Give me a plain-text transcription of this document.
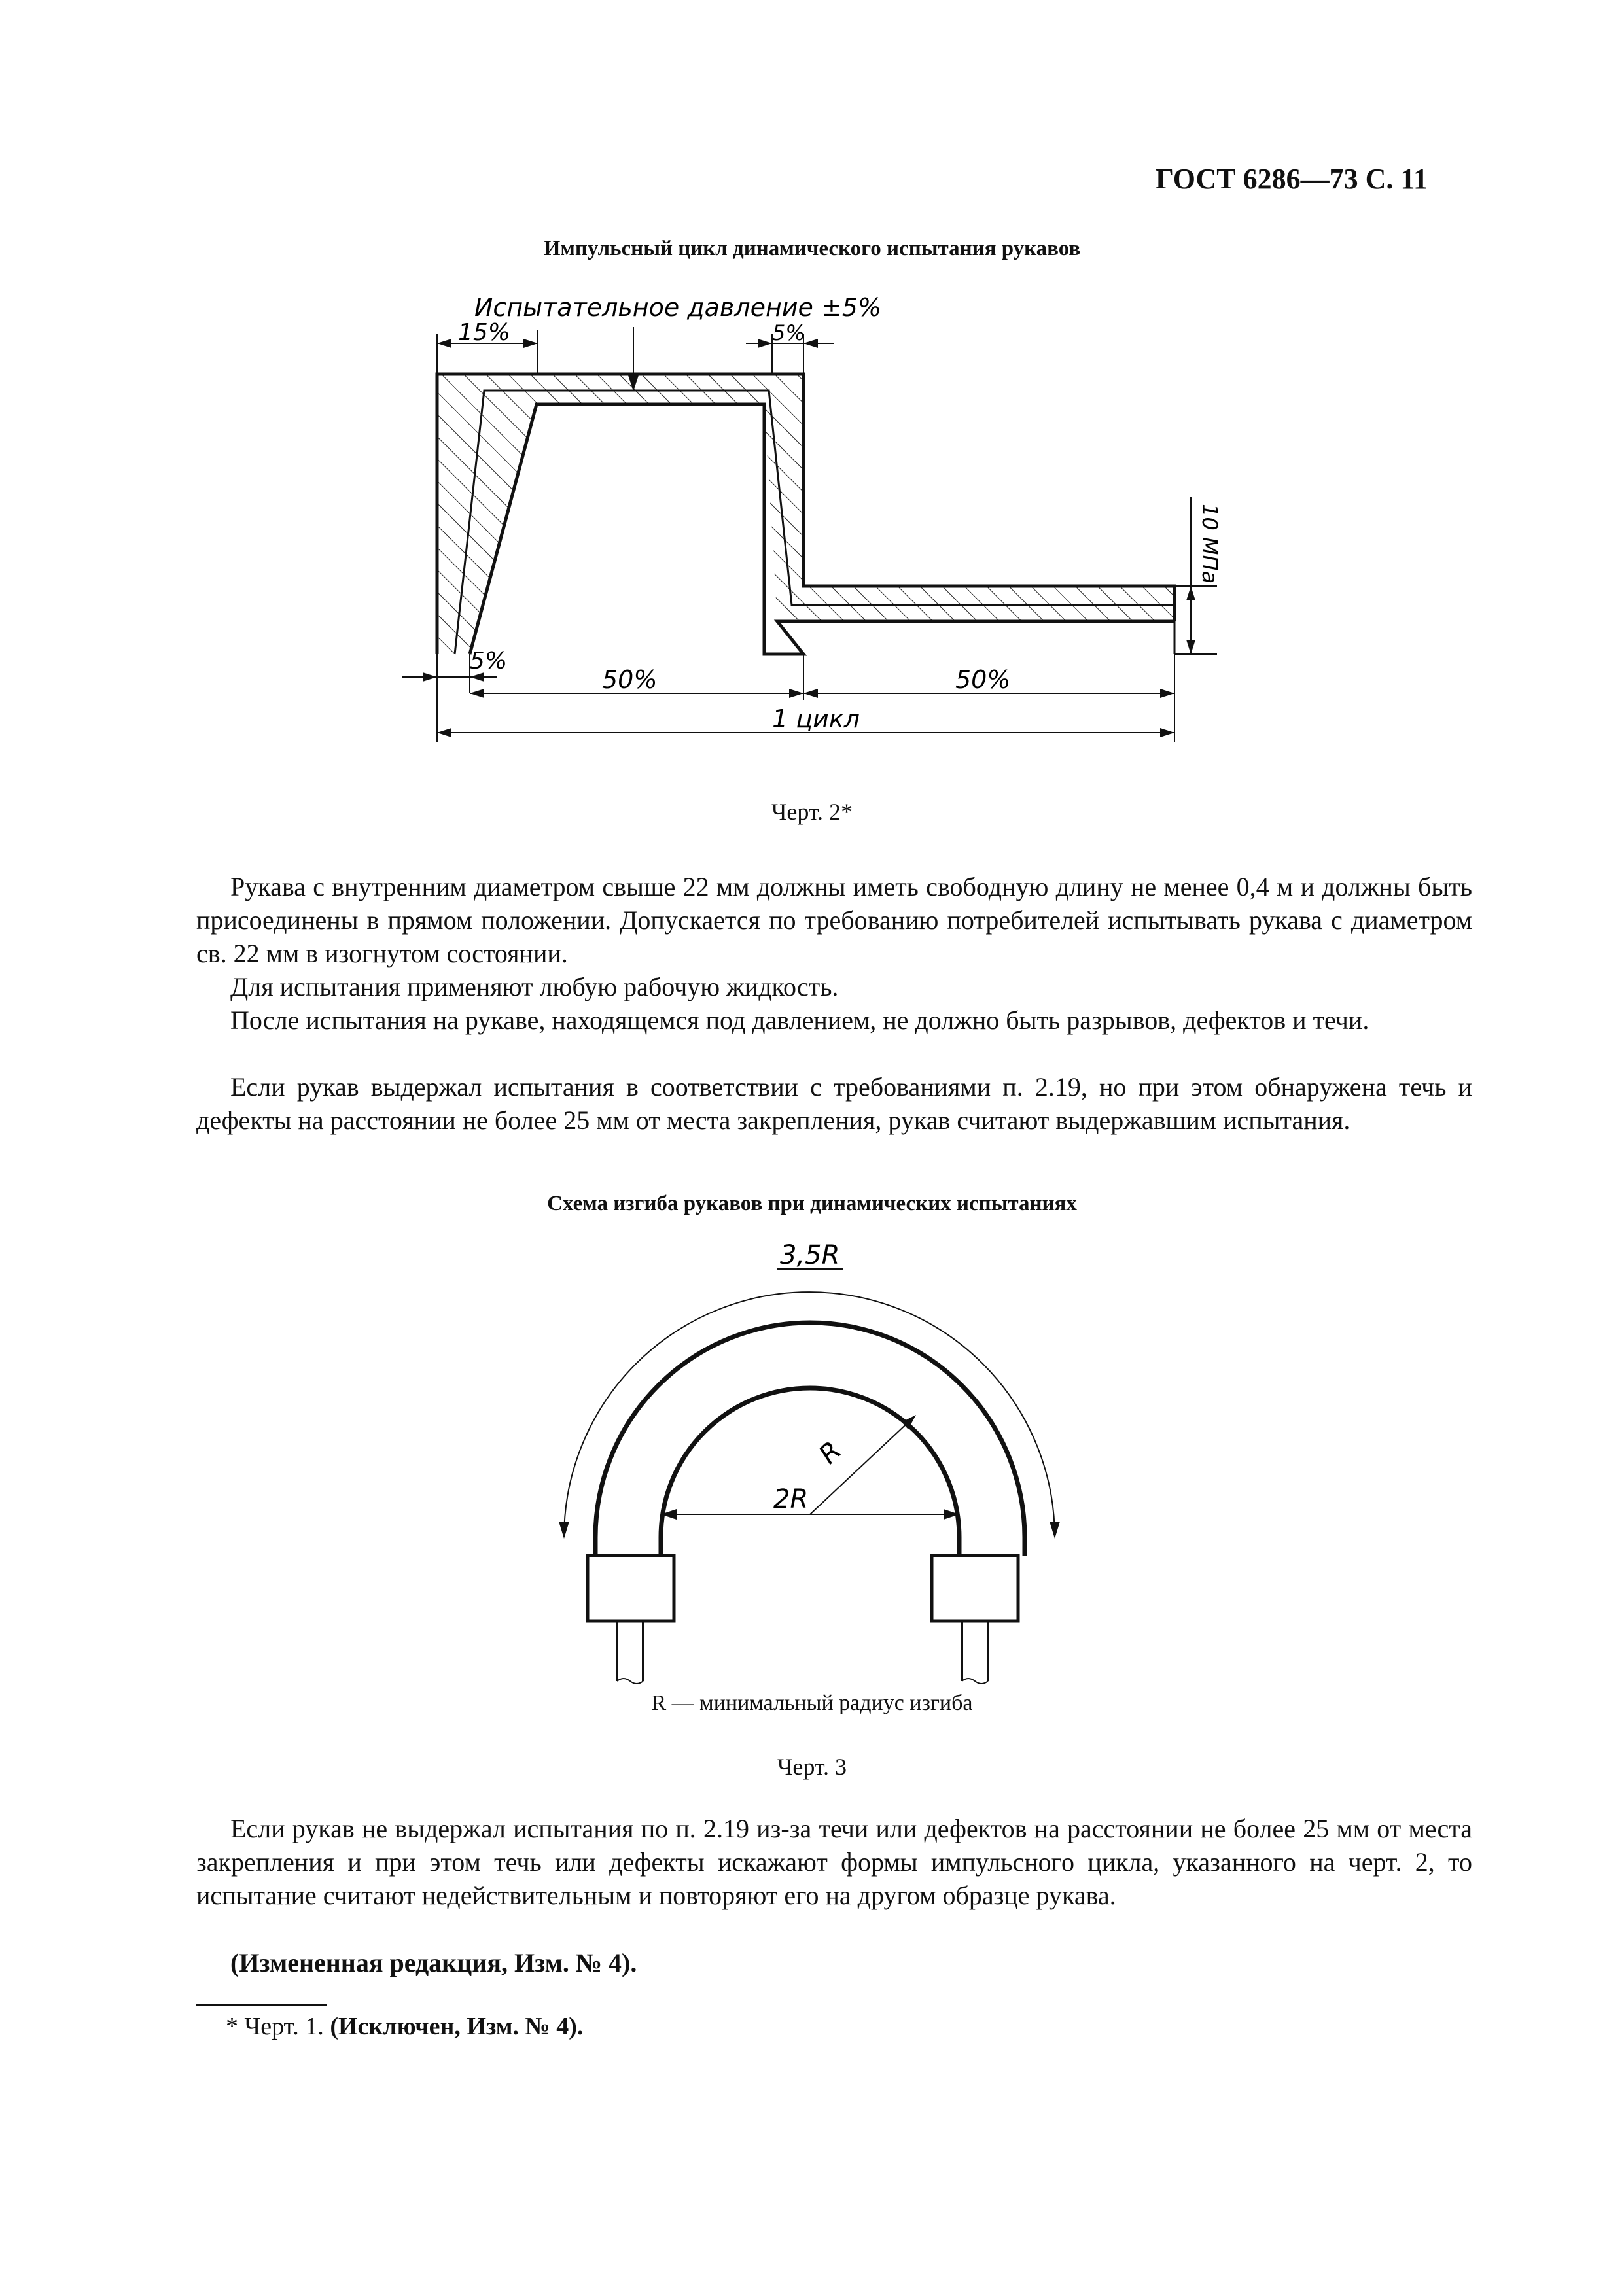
ГОСТ 6286—73 С. 11
Импульсный цикл динамического испытания рукавов
Испытательное давление ±5%
15%	5%
5%
50%	50%
1 цикл
10 МПа
Черт. 2*

Рукава с внутренним диаметром свыше 22 мм должны иметь свободную длину не менее 0,4 м и должны быть присоединены в прямом положении. Допускается по требованию потребителей испытывать рукава с диаметром св. 22 мм в изогнутом состоянии.

Для испытания применяют любую рабочую жидкость.

После испытания на рукаве, находящемся под давлением, не должно быть разрывов, дефектов и течи.

Если рукав выдержал испытания в соответствии с требованиями п. 2.19, но при этом обнаружена течь и дефекты на расстоянии не более 25 мм от места закрепления, рукав считают выдержавшим испытания.

Схема изгиба рукавов при динамических испытаниях
3,5R
R
2R
R — минимальный радиус изгиба
Черт. 3

Если рукав не выдержал испытания по п. 2.19 из-за течи или дефектов на расстоянии не более 25 мм от места закрепления и при этом течь или дефекты искажают формы импульсного цикла, указанного на черт. 2, то испытание считают недействительным и повторяют его на другом образце рукава.

(Измененная редакция, Изм. № 4).

* Черт. 1. (Исключен, Изм. № 4).
